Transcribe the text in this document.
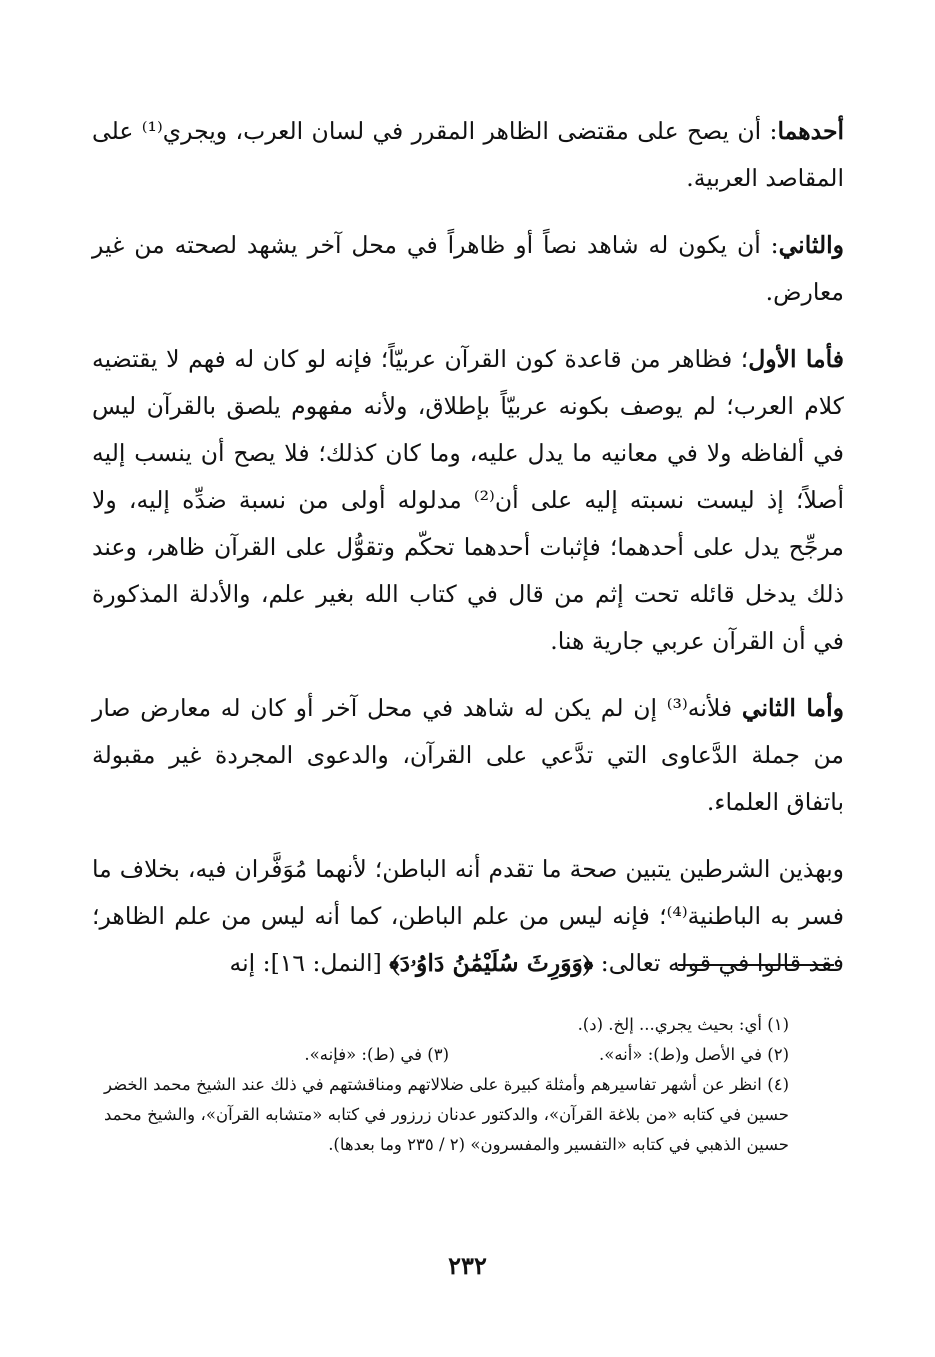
أحدهما: أن يصح على مقتضى الظاهر المقرر في لسان العرب، ويجري⁽¹⁾ على المقاصد العربية.

والثاني: أن يكون له شاهد نصاً أو ظاهراً في محل آخر يشهد لصحته من غير معارض.

فأما الأول؛ فظاهر من قاعدة كون القرآن عربيّاً؛ فإنه لو كان له فهم لا يقتضيه كلام العرب؛ لم يوصف بكونه عربيّاً بإطلاق، ولأنه مفهوم يلصق بالقرآن ليس في ألفاظه ولا في معانيه ما يدل عليه، وما كان كذلك؛ فلا يصح أن ينسب إليه أصلاً؛ إذ ليست نسبته إليه على أن⁽²⁾ مدلوله أولى من نسبة ضدِّه إليه، ولا مرجِّح يدل على أحدهما؛ فإثبات أحدهما تحكّم وتقوُّل على القرآن ظاهر، وعند ذلك يدخل قائله تحت إثم من قال في كتاب الله بغير علم، والأدلة المذكورة في أن القرآن عربي جارية هنا.

وأما الثاني فلأنه⁽³⁾ إن لم يكن له شاهد في محل آخر أو كان له معارض صار من جملة الدَّعاوى التي تدَّعي على القرآن، والدعوى المجردة غير مقبولة باتفاق العلماء.

وبهذين الشرطين يتبين صحة ما تقدم أنه الباطن؛ لأنهما مُوَفَّران فيه، بخلاف ما فسر به الباطنية⁽⁴⁾؛ فإنه ليس من علم الباطن، كما أنه ليس من علم الظاهر؛ فقد قالوا في قوله تعالى: ﴿وَوَرِثَ سُلَيْمَٰنُ دَاوُۥدَ﴾ [النمل: ١٦]: إنه

(١) أي: بحيث يجري... إلخ. (د).

(٢) في الأصل و(ط): «أنه».(٣) في (ط): «فإنه».

(٤) انظر عن أشهر تفاسيرهم وأمثلة كبيرة على ضلالاتهم ومناقشتهم في ذلك عند الشيخ محمد الخضر حسين في كتابه «من بلاغة القرآن»، والدكتور عدنان زرزور في كتابه «متشابه القرآن»، والشيخ محمد حسين الذهبي في كتابه «التفسير والمفسرون» (٢ / ٢٣٥ وما بعدها).

٢٣٢
